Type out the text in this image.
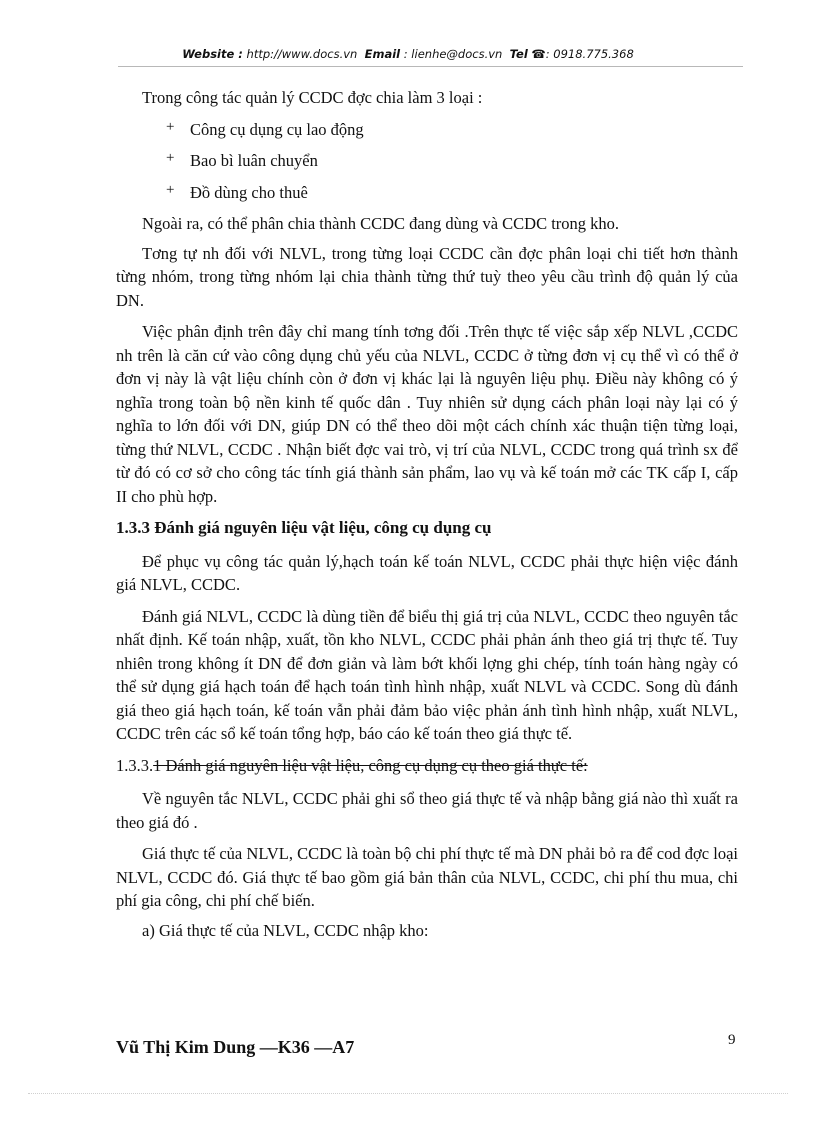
Website : http://www.docs.vn Email : lienhe@docs.vn Tel ☎: 0918.775.368

Trong công tác quản lý CCDC đợc chia làm 3 loại :

+ Công cụ dụng cụ lao động
+ Bao bì luân chuyển
+ Đồ dùng cho thuê

Ngoài ra, có thể phân chia thành CCDC đang dùng và CCDC trong kho.

Tơng tự nh đối với NLVL, trong từng loại CCDC cần đợc phân loại chi tiết hơn thành từng nhóm, trong từng nhóm lại chia thành từng thứ tuỳ theo yêu cầu trình độ quản lý của DN.

Việc phân định trên đây chỉ mang tính tơng đối .Trên thực tế việc sắp xếp NLVL ,CCDC nh trên là căn cứ vào công dụng chủ yếu của NLVL, CCDC ở từng đơn vị cụ thể vì có thể ở đơn vị này là vật liệu chính còn ở đơn vị khác lại là nguyên liệu phụ. Điều này không có ý nghĩa trong toàn bộ nền kinh tế quốc dân . Tuy nhiên sử dụng cách phân loại này lại có ý nghĩa to lớn đối với DN, giúp DN có thể theo dõi một cách chính xác thuận tiện từng loại, từng thứ NLVL, CCDC . Nhận biết đợc vai trò, vị trí của NLVL, CCDC trong quá trình sx để từ đó có cơ sở cho công tác tính giá thành sản phẩm, lao vụ và kế toán mở các TK cấp I, cấp II cho phù hợp.

1.3.3 Đánh giá nguyên liệu vật liệu, công cụ dụng cụ

Để phục vụ công tác quản lý,hạch toán kế toán NLVL, CCDC phải thực hiện việc đánh giá NLVL, CCDC.

Đánh giá NLVL, CCDC là dùng tiền để biểu thị giá trị của NLVL, CCDC theo nguyên tắc nhất định. Kế toán nhập, xuất, tồn kho NLVL, CCDC phải phản ánh theo giá trị thực tế. Tuy nhiên trong không ít DN để đơn giản và làm bớt khối lợng ghi chép, tính toán hàng ngày có thể sử dụng giá hạch toán để hạch toán tình hình nhập, xuất NLVL và CCDC. Song dù đánh giá theo giá hạch toán, kế toán vẫn phải đảm bảo việc phản ánh tình hình nhập, xuất NLVL, CCDC trên các sổ kế toán tổng hợp, báo cáo kế toán theo giá thực tế.

1.3.3.1 Đánh giá nguyên liệu vật liệu, công cụ dụng cụ theo giá thực tế:

Về nguyên tắc NLVL, CCDC phải ghi sổ theo giá thực tế và nhập bằng giá nào thì xuất ra theo giá đó .

Giá thực tế của NLVL, CCDC là toàn bộ chi phí thực tế mà DN phải bỏ ra để cod đợc loại NLVL, CCDC đó. Giá thực tế bao gồm giá bản thân của NLVL, CCDC, chi phí thu mua, chi phí gia công, chi phí chế biến.

a) Giá thực tế của NLVL, CCDC nhập kho:

Vũ Thị Kim Dung —K36 —A7	9
